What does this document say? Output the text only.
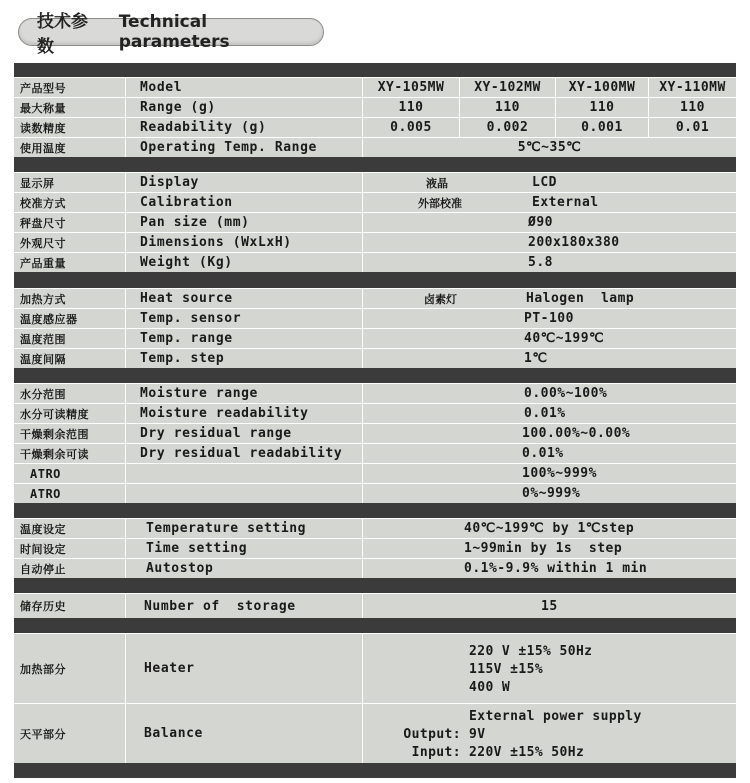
技术参数
Technical parameters
产品型号	Model	XY-105MW	XY-102MW	XY-100MW	XY-110MW
最大称量	Range (g)	110	110	110	110
读数精度	Readability (g)	0.005	0.002	0.001	0.01
使用温度	Operating Temp. Range	5℃~35℃
显示屏	Display	液晶	LCD
校准方式	Calibration	外部校准	External
秤盘尺寸	Pan size (mm)	Ø90
外观尺寸	Dimensions (WxLxH)	200x180x380
产品重量	Weight (Kg)	5.8
加热方式	Heat source	卤素灯	Halogen  lamp
温度感应器	Temp. sensor	PT-100
温度范围	Temp. range	40℃~199℃
温度间隔	Temp. step	1℃
水分范围	Moisture range	0.00%~100%
水分可读精度	Moisture readability	0.01%
干燥剩余范围	Dry residual range	100.00%~0.00%
干燥剩余可读	Dry residual readability	0.01%
ATRO	100%~999%
ATRO	0%~999%
温度设定	Temperature setting	40℃~199℃ by 1℃step
时间设定	Time setting	1~99min by 1s  step
自动停止	Autostop	0.1%-9.9% within 1 min
储存历史	Number of  storage	15
加热部分	Heater
220 V ±15% 50Hz
115V ±15%
400 W
天平部分	Balance
External power supply
Output: 9V
Input: 220V ±15% 50Hz
